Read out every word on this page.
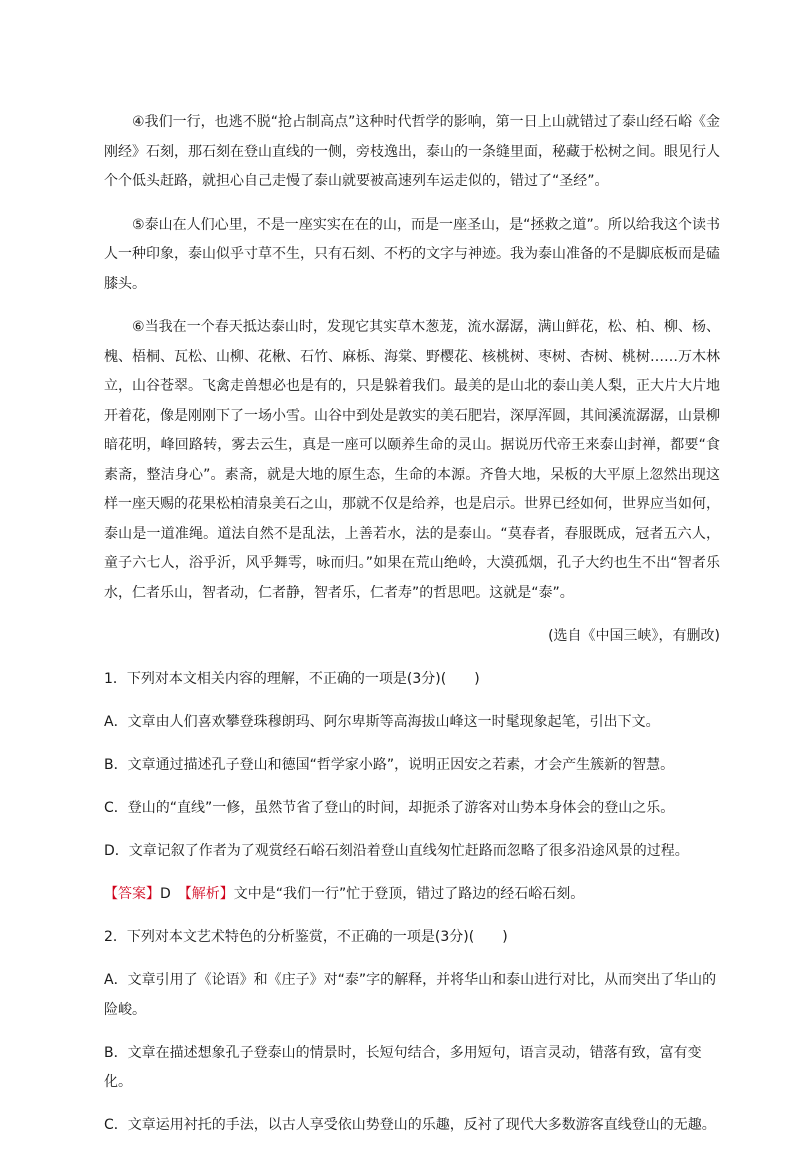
④我们一行，也逃不脱“抢占制高点”这种时代哲学的影响，第一日上山就错过了泰山经石峪《金刚经》石刻，那石刻在登山直线的一侧，旁枝逸出，泰山的一条缝里面，秘藏于松树之间。眼见行人个个低头赶路，就担心自己走慢了泰山就要被高速列车运走似的，错过了“圣经”。

⑤泰山在人们心里，不是一座实实在在的山，而是一座圣山，是“拯救之道”。所以给我这个读书人一种印象，泰山似乎寸草不生，只有石刻、不朽的文字与神迹。我为泰山准备的不是脚底板而是磕膝头。

⑥当我在一个春天抵达泰山时，发现它其实草木葱茏，流水潺潺，满山鲜花，松、柏、柳、杨、槐、梧桐、瓦松、山柳、花楸、石竹、麻栎、海棠、野樱花、核桃树、枣树、杏树、桃树……万木林立，山谷苍翠。飞禽走兽想必也是有的，只是躲着我们。最美的是山北的泰山美人梨，正大片大片地开着花，像是刚刚下了一场小雪。山谷中到处是敦实的美石肥岩，深厚浑圆，其间溪流潺潺，山景柳暗花明，峰回路转，雾去云生，真是一座可以颐养生命的灵山。据说历代帝王来泰山封禅，都要“食素斋，整洁身心”。素斋，就是大地的原生态，生命的本源。齐鲁大地，呆板的大平原上忽然出现这样一座天赐的花果松柏清泉美石之山，那就不仅是给养，也是启示。世界已经如何，世界应当如何，泰山是一道准绳。道法自然不是乱法，上善若水，法的是泰山。“莫春者，春服既成，冠者五六人，童子六七人，浴乎沂，风乎舞雩，咏而归。”如果在荒山绝岭，大漠孤烟，孔子大约也生不出“智者乐水，仁者乐山，智者动，仁者静，智者乐，仁者寿”的哲思吧。这就是“泰”。

(选自《中国三峡》，有删改)
1．下列对本文相关内容的理解，不正确的一项是(3分)(　　)
A．文章由人们喜欢攀登珠穆朗玛、阿尔卑斯等高海拔山峰这一时髦现象起笔，引出下文。
B．文章通过描述孔子登山和德国“哲学家小路”，说明正因安之若素，才会产生簇新的智慧。
C．登山的“直线”一修，虽然节省了登山的时间，却扼杀了游客对山势本身体会的登山之乐。
D．文章记叙了作者为了观赏经石峪石刻沿着登山直线匆忙赶路而忽略了很多沿途风景的过程。
【答案】D　【解析】文中是“我们一行”忙于登顶，错过了路边的经石峪石刻。
2．下列对本文艺术特色的分析鉴赏，不正确的一项是(3分)(　　)
A．文章引用了《论语》和《庄子》对“泰”字的解释，并将华山和泰山进行对比，从而突出了华山的险峻。
B．文章在描述想象孔子登泰山的情景时，长短句结合，多用短句，语言灵动，错落有致，富有变化。
C．文章运用衬托的手法，以古人享受依山势登山的乐趣，反衬了现代大多数游客直线登山的无趣。
